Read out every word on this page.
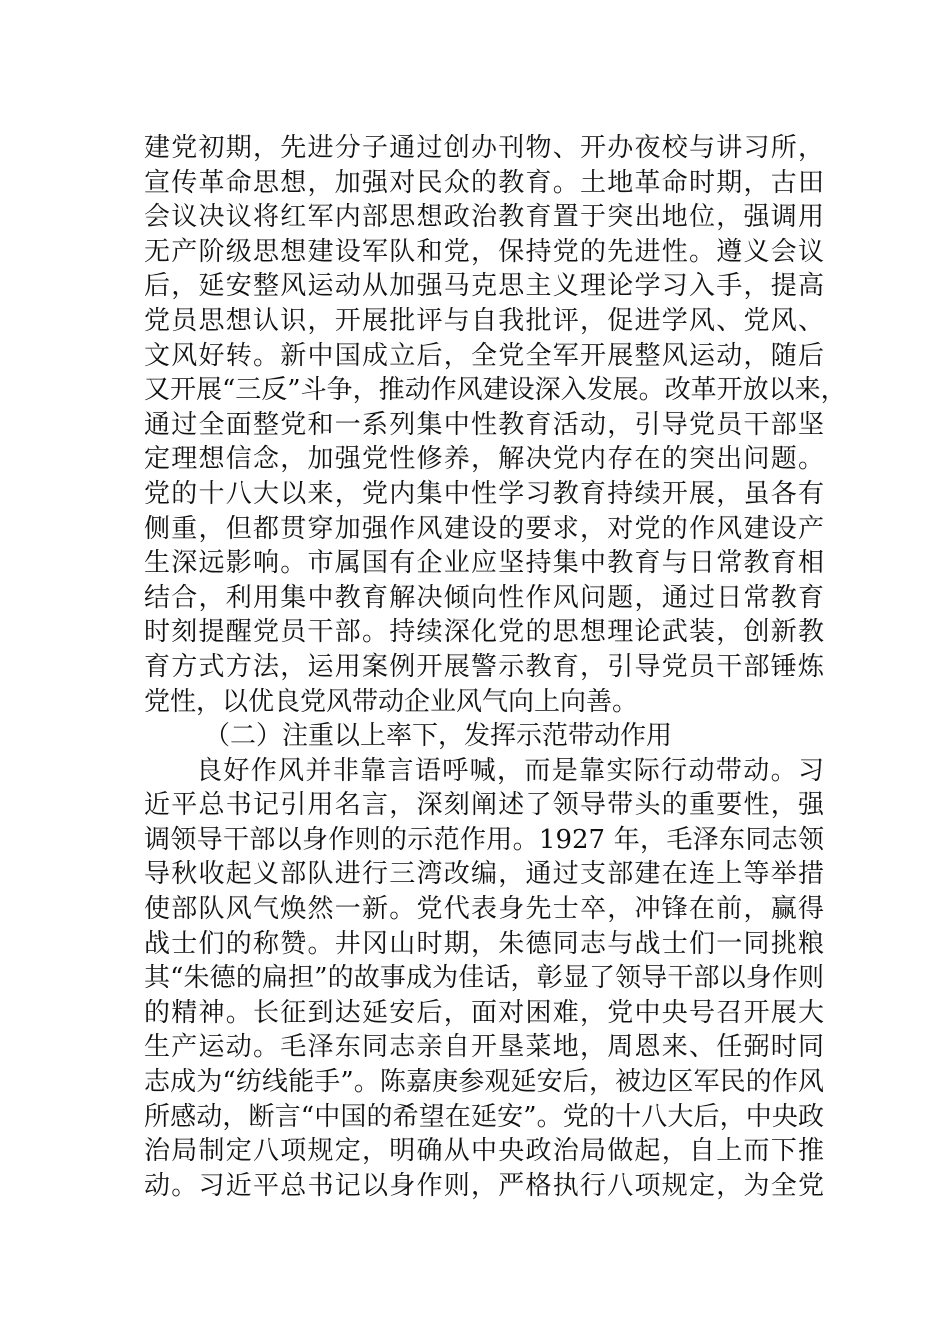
建党初期，先进分子通过创办刊物、开办夜校与讲习所，
宣传革命思想，加强对民众的教育。土地革命时期，古田
会议决议将红军内部思想政治教育置于突出地位，强调用
无产阶级思想建设军队和党，保持党的先进性。遵义会议
后，延安整风运动从加强马克思主义理论学习入手，提高
党员思想认识，开展批评与自我批评，促进学风、党风、
文风好转。新中国成立后，全党全军开展整风运动，随后
又开展“三反”斗争，推动作风建设深入发展。改革开放以来，
通过全面整党和一系列集中性教育活动，引导党员干部坚
定理想信念，加强党性修养，解决党内存在的突出问题。
党的十八大以来，党内集中性学习教育持续开展，虽各有
侧重，但都贯穿加强作风建设的要求，对党的作风建设产
生深远影响。市属国有企业应坚持集中教育与日常教育相
结合，利用集中教育解决倾向性作风问题，通过日常教育
时刻提醒党员干部。持续深化党的思想理论武装，创新教
育方式方法，运用案例开展警示教育，引导党员干部锤炼
党性，以优良党风带动企业风气向上向善。
（二）注重以上率下，发挥示范带动作用
良好作风并非靠言语呼喊，而是靠实际行动带动。习
近平总书记引用名言，深刻阐述了领导带头的重要性，强
调领导干部以身作则的示范作用。1927 年，毛泽东同志领
导秋收起义部队进行三湾改编，通过支部建在连上等举措
使部队风气焕然一新。党代表身先士卒，冲锋在前，赢得
战士们的称赞。井冈山时期，朱德同志与战士们一同挑粮
其“朱德的扁担”的故事成为佳话，彰显了领导干部以身作则
的精神。长征到达延安后，面对困难，党中央号召开展大
生产运动。毛泽东同志亲自开垦菜地，周恩来、任弼时同
志成为“纺线能手”。陈嘉庚参观延安后，被边区军民的作风
所感动，断言“中国的希望在延安”。党的十八大后，中央政
治局制定八项规定，明确从中央政治局做起，自上而下推
动。习近平总书记以身作则，严格执行八项规定，为全党
